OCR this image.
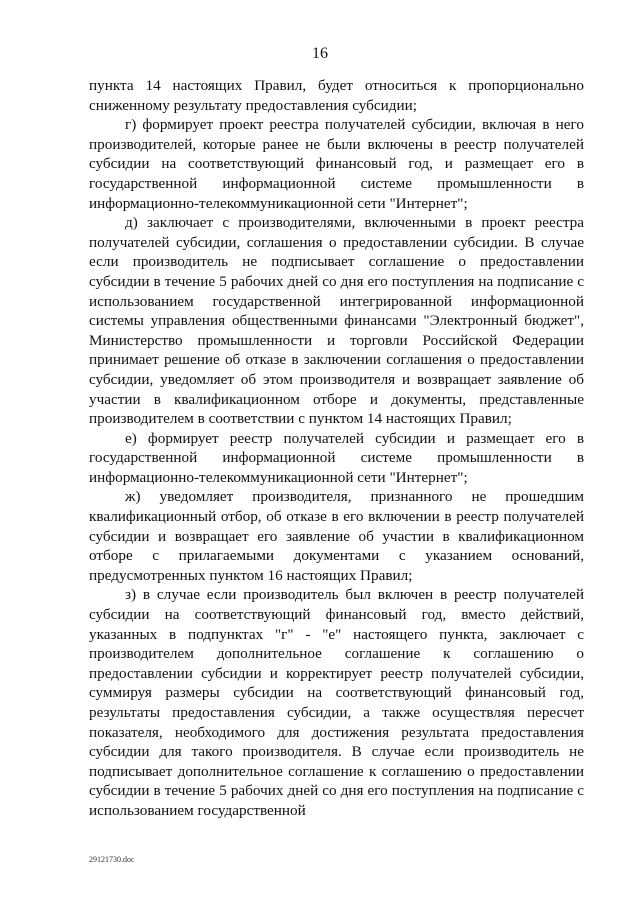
16

пункта 14 настоящих Правил, будет относиться к пропорционально сниженному результату предоставления субсидии;

г) формирует проект реестра получателей субсидии, включая в него производителей, которые ранее не были включены в реестр получателей субсидии на соответствующий финансовый год, и размещает его в государственной информационной системе промышленности в информационно-телекоммуникационной сети "Интернет";

д) заключает с производителями, включенными в проект реестра получателей субсидии, соглашения о предоставлении субсидии. В случае если производитель не подписывает соглашение о предоставлении субсидии в течение 5 рабочих дней со дня его поступления на подписание с использованием государственной интегрированной информационной системы управления общественными финансами "Электронный бюджет", Министерство промышленности и торговли Российской Федерации принимает решение об отказе в заключении соглашения о предоставлении субсидии, уведомляет об этом производителя и возвращает заявление об участии в квалификационном отборе и документы, представленные производителем в соответствии с пунктом 14 настоящих Правил;

е) формирует реестр получателей субсидии и размещает его в государственной информационной системе промышленности в информационно-телекоммуникационной сети "Интернет";

ж) уведомляет производителя, признанного не прошедшим квалификационный отбор, об отказе в его включении в реестр получателей субсидии и возвращает его заявление об участии в квалификационном отборе с прилагаемыми документами с указанием оснований, предусмотренных пунктом 16 настоящих Правил;

з) в случае если производитель был включен в реестр получателей субсидии на соответствующий финансовый год, вместо действий, указанных в подпунктах "г" - "е" настоящего пункта, заключает с производителем дополнительное соглашение к соглашению о предоставлении субсидии и корректирует реестр получателей субсидии, суммируя размеры субсидии на соответствующий финансовый год, результаты предоставления субсидии, а также осуществляя пересчет показателя, необходимого для достижения результата предоставления субсидии для такого производителя. В случае если производитель не подписывает дополнительное соглашение к соглашению о предоставлении субсидии в течение 5 рабочих дней со дня его поступления на подписание с использованием государственной

29121730.doc
